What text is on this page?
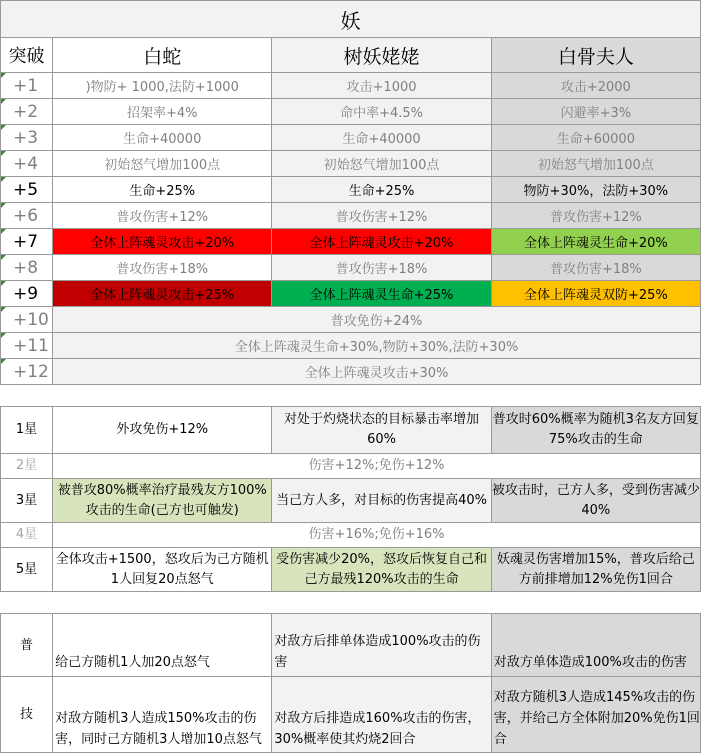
妖			
突破	白蛇	树妖姥姥	白骨夫人
+1	)物防+ 1000,法防+1000	攻击+1000	攻击+2000
+2	招架率+4%	命中率+4.5%	闪避率+3%
+3	生命+40000	生命+40000	生命+60000
+4	初始怒气增加100点	初始怒气增加100点	初始怒气增加100点
+5	生命+25%	生命+25%	物防+30%，法防+30%
+6	普攻伤害+12%	普攻伤害+12%	普攻伤害+12%
+7	全体上阵魂灵攻击+20%	全体上阵魂灵攻击+20%	全体上阵魂灵生命+20%
+8	普攻伤害+18%	普攻伤害+18%	普攻伤害+18%
+9	全体上阵魂灵攻击+25%	全体上阵魂灵生命+25%	全体上阵魂灵双防+25%
+10	普攻免伤+24%		
+11	全体上阵魂灵生命+30%,物防+30%,法防+30%		
+12	全体上阵魂灵攻击+30%		
1星	外攻免伤+12%	对处于灼烧状态的目标暴击率增加60%	普攻时60%概率为随机3名友方回复75%攻击的生命
2星	伤害+12%;免伤+12%		
3星	被普攻80%概率治疗最残友方100%攻击的生命(己方也可触发)	当己方人多，对目标的伤害提高40%	被攻击时，己方人多，受到伤害减少40%
4星	伤害+16%;免伤+16%		
5星	全体攻击+1500，怒攻后为己方随机1人回复20点怒气	受伤害减少20%，怒攻后恢复自己和己方最残120%攻击的生命	妖魂灵伤害增加15%，普攻后给己方前排增加12%免伤1回合
普	给己方随机1人加20点怒气	对敌方后排单体造成100%攻击的伤害	对敌方单体造成100%攻击的伤害
技	对敌方随机3人造成150%攻击的伤害，同时己方随机3人增加10点怒气	对敌方后排造成160%攻击的伤害，30%概率使其灼烧2回合	对敌方随机3人造成145%攻击的伤害，并给己方全体附加20%免伤1回合
